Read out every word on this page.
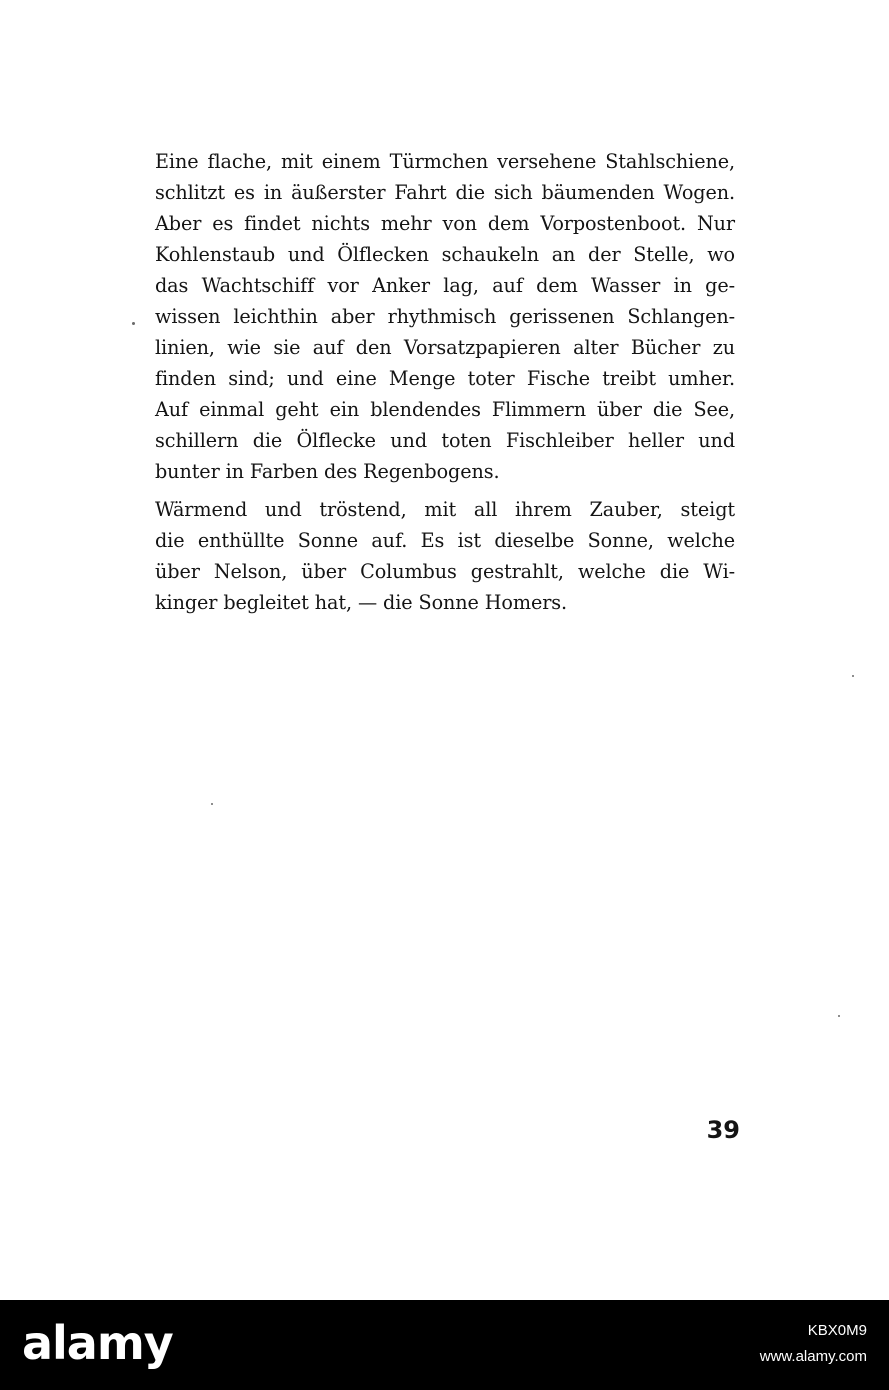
Eine flache, mit einem Türmchen versehene Stahlschiene,
schlitzt es in äußerster Fahrt die sich bäumenden Wogen.
Aber es findet nichts mehr von dem Vorpostenboot. Nur
Kohlenstaub und Ölflecken schaukeln an der Stelle, wo
das Wachtschiff vor Anker lag, auf dem Wasser in ge-
wissen leichthin aber rhythmisch gerissenen Schlangen-
linien, wie sie auf den Vorsatzpapieren alter Bücher zu
finden sind; und eine Menge toter Fische treibt umher.
Auf einmal geht ein blendendes Flimmern über die See,
schillern die Ölflecke und toten Fischleiber heller und
bunter in Farben des Regenbogens.

Wärmend und tröstend, mit all ihrem Zauber, steigt
die enthüllte Sonne auf. Es ist dieselbe Sonne, welche
über Nelson, über Columbus gestrahlt, welche die Wi-
kinger begleitet hat, — die Sonne Homers.

39
alamy	KBX0M9
www.alamy.com
